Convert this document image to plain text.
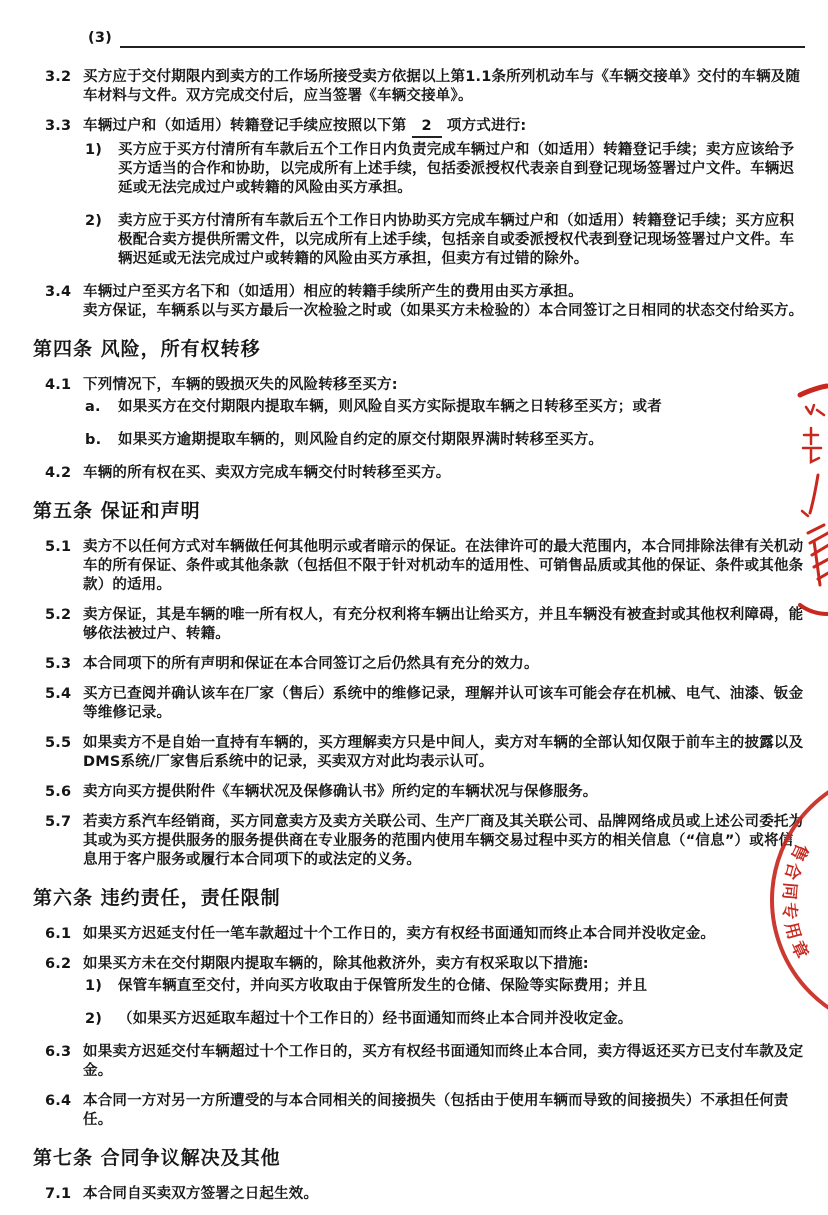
(3)
3.2 买方应于交付期限内到卖方的工作场所接受卖方依据以上第1.1条所列机动车与《车辆交接单》交付的车辆及随车材料与文件。双方完成交付后，应当签署《车辆交接单》。
3.3 车辆过户和（如适用）转籍登记手续应按照以下第 2 项方式进行:
1)	买方应于买方付清所有车款后五个工作日内负责完成车辆过户和（如适用）转籍登记手续；卖方应该给予买方适当的合作和协助，以完成所有上述手续，包括委派授权代表亲自到登记现场签署过户文件。车辆迟延或无法完成过户或转籍的风险由买方承担。
2)	卖方应于买方付清所有车款后五个工作日内协助买方完成车辆过户和（如适用）转籍登记手续；买方应积极配合卖方提供所需文件，以完成所有上述手续，包括亲自或委派授权代表到登记现场签署过户文件。车辆迟延或无法完成过户或转籍的风险由买方承担，但卖方有过错的除外。
3.4 车辆过户至买方名下和（如适用）相应的转籍手续所产生的费用由买方承担。
卖方保证，车辆系以与买方最后一次检验之时或（如果买方未检验的）本合同签订之日相同的状态交付给买方。
第四条 风险，所有权转移
4.1 下列情况下，车辆的毁损灭失的风险转移至买方:
a.	如果买方在交付期限内提取车辆，则风险自买方实际提取车辆之日转移至买方；或者
b.	如果买方逾期提取车辆的，则风险自约定的原交付期限界满时转移至买方。
4.2 车辆的所有权在买、卖双方完成车辆交付时转移至买方。
第五条 保证和声明
5.1 卖方不以任何方式对车辆做任何其他明示或者暗示的保证。在法律许可的最大范围内，本合同排除法律有关机动车的所有保证、条件或其他条款（包括但不限于针对机动车的适用性、可销售品质或其他的保证、条件或其他条款）的适用。
5.2 卖方保证，其是车辆的唯一所有权人，有充分权利将车辆出让给买方，并且车辆没有被查封或其他权利障碍，能够依法被过户、转籍。
5.3 本合同项下的所有声明和保证在本合同签订之后仍然具有充分的效力。
5.4 买方已查阅并确认该车在厂家（售后）系统中的维修记录，理解并认可该车可能会存在机械、电气、油漆、钣金等维修记录。
5.5 如果卖方不是自始一直持有车辆的，买方理解卖方只是中间人，卖方对车辆的全部认知仅限于前车主的披露以及DMS系统/厂家售后系统中的记录，买卖双方对此均表示认可。
5.6 卖方向买方提供附件《车辆状况及保修确认书》所约定的车辆状况与保修服务。
5.7 若卖方系汽车经销商，买方同意卖方及卖方关联公司、生产厂商及其关联公司、品牌网络成员或上述公司委托为其或为买方提供服务的服务提供商在专业服务的范围内使用车辆交易过程中买方的相关信息（“信息”）或将信息用于客户服务或履行本合同项下的或法定的义务。
第六条 违约责任，责任限制
6.1 如果买方迟延支付任一笔车款超过十个工作日的，卖方有权经书面通知而终止本合同并没收定金。
6.2 如果买方未在交付期限内提取车辆的，除其他救济外，卖方有权采取以下措施:
1)	保管车辆直至交付，并向买方收取由于保管所发生的仓储、保险等实际费用；并且
2)	（如果买方迟延取车超过十个工作日的）经书面通知而终止本合同并没收定金。
6.3 如果卖方迟延交付车辆超过十个工作日的，买方有权经书面通知而终止本合同，卖方得返还买方已支付车款及定金。
6.4 本合同一方对另一方所遭受的与本合同相关的间接损失（包括由于使用车辆而导致的间接损失）不承担任何责任。
第七条 合同争议解决及其他
7.1 本合同自买卖双方签署之日起生效。
售
合
同
专
用
章
